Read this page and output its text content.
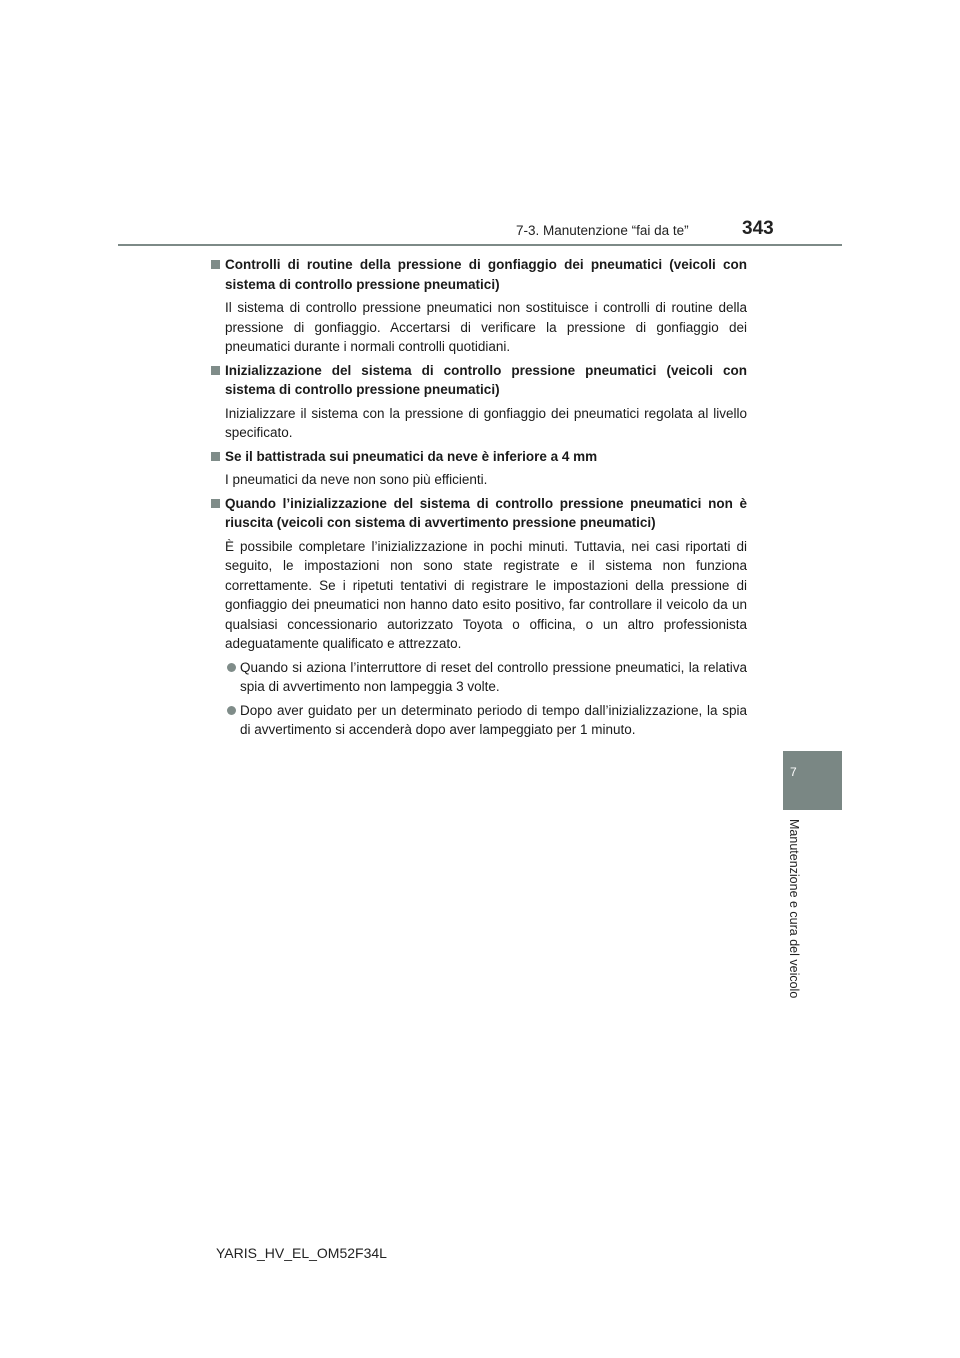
7-3. Manutenzione “fai da te”	343
Controlli di routine della pressione di gonfiaggio dei pneumatici (veicoli con sistema di controllo pressione pneumatici)
Il sistema di controllo pressione pneumatici non sostituisce i controlli di routine della pressione di gonfiaggio. Accertarsi di verificare la pressione di gonfiaggio dei pneumatici durante i normali controlli quotidiani.
Inizializzazione del sistema di controllo pressione pneumatici (veicoli con sistema di controllo pressione pneumatici)
Inizializzare il sistema con la pressione di gonfiaggio dei pneumatici regolata al livello specificato.
Se il battistrada sui pneumatici da neve è inferiore a 4 mm
I pneumatici da neve non sono più efficienti.
Quando l’inizializzazione del sistema di controllo pressione pneumatici non è riuscita (veicoli con sistema di avvertimento pressione pneumatici)
È possibile completare l’inizializzazione in pochi minuti. Tuttavia, nei casi riportati di seguito, le impostazioni non sono state registrate e il sistema non funziona correttamente. Se i ripetuti tentativi di registrare le impostazioni della pressione di gonfiaggio dei pneumatici non hanno dato esito positivo, far controllare il veicolo da un qualsiasi concessionario autorizzato Toyota o officina, o un altro professionista adeguatamente qualificato e attrezzato.
Quando si aziona l’interruttore di reset del controllo pressione pneumatici, la relativa spia di avvertimento non lampeggia 3 volte.
Dopo aver guidato per un determinato periodo di tempo dall’inizializzazione, la spia di avvertimento si accenderà dopo aver lampeggiato per 1 minuto.
7
Manutenzione e cura del veicolo
YARIS_HV_EL_OM52F34L
